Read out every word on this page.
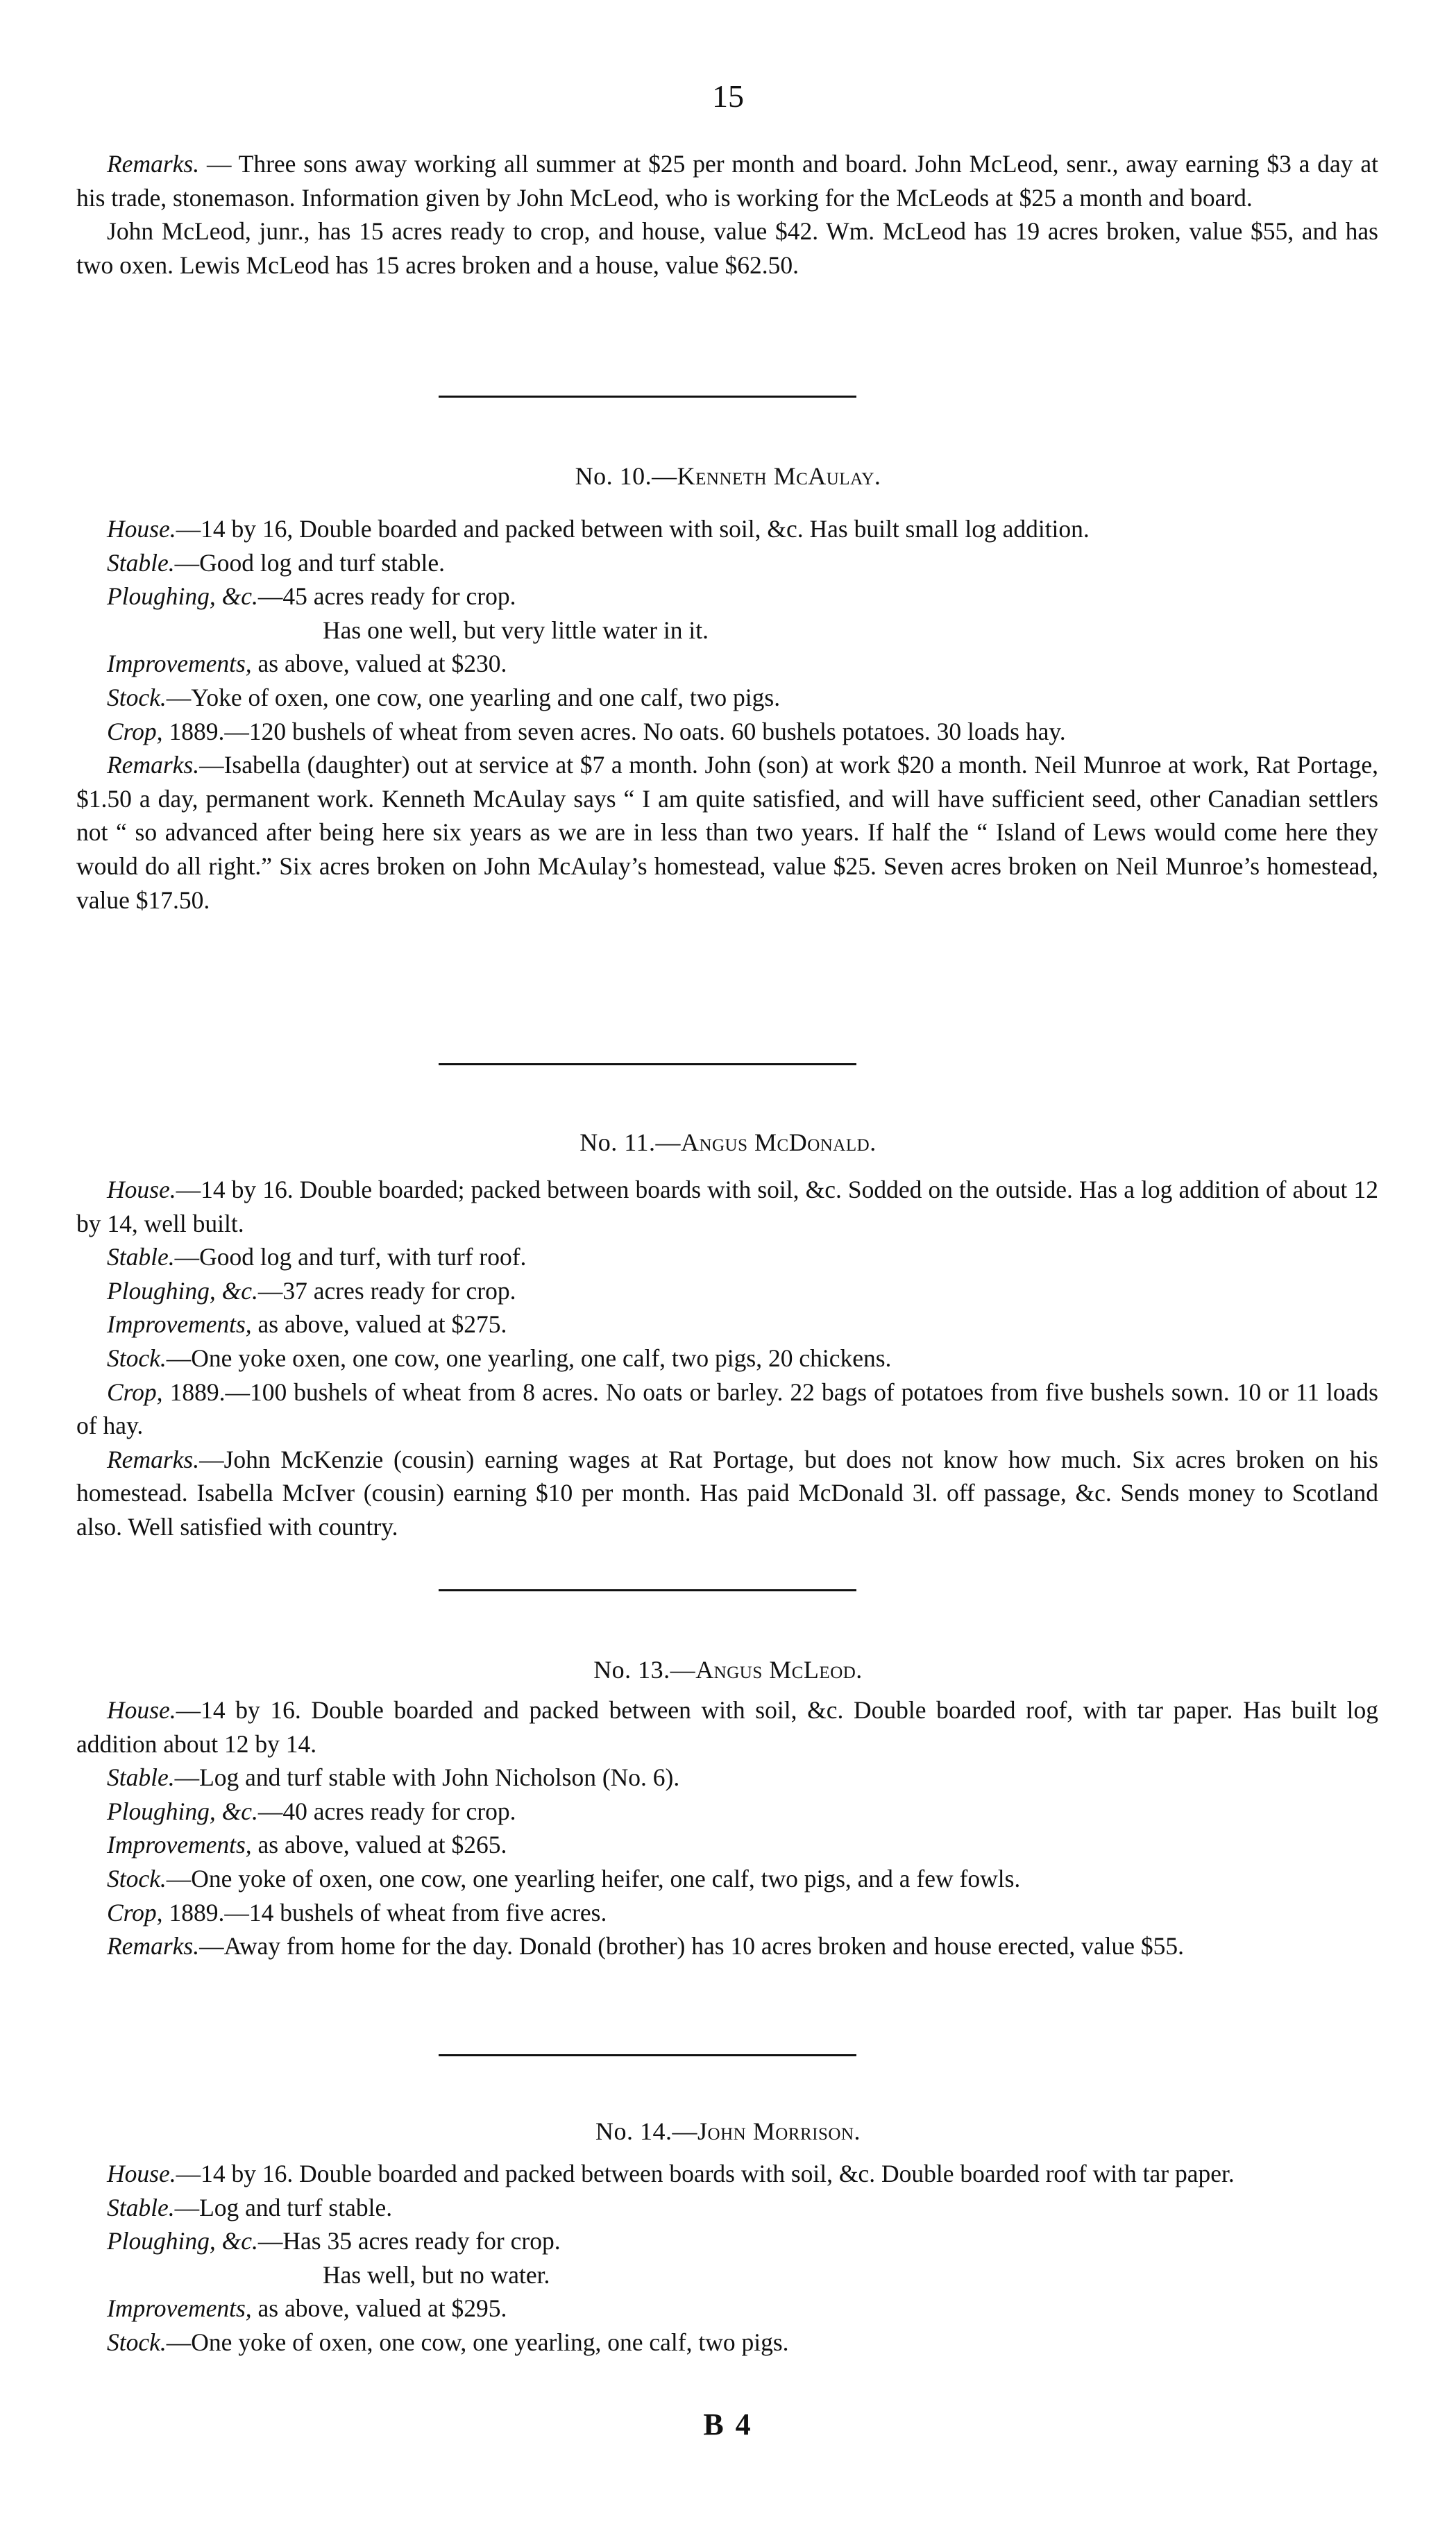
15

Remarks. — Three sons away working all summer at $25 per month and board. John McLeod, senr., away earning $3 a day at his trade, stonemason. Information given by John McLeod, who is working for the McLeods at $25 a month and board.

John McLeod, junr., has 15 acres ready to crop, and house, value $42. Wm. McLeod has 19 acres broken, value $55, and has two oxen. Lewis McLeod has 15 acres broken and a house, value $62.50.

No. 10.—Kenneth McAulay.

House.—14 by 16, Double boarded and packed between with soil, &c. Has built small log addition.

Stable.—Good log and turf stable.

Ploughing, &c.—45 acres ready for crop.

Has one well, but very little water in it.

Improvements, as above, valued at $230.

Stock.—Yoke of oxen, one cow, one yearling and one calf, two pigs.

Crop, 1889.—120 bushels of wheat from seven acres. No oats. 60 bushels potatoes. 30 loads hay.

Remarks.—Isabella (daughter) out at service at $7 a month. John (son) at work $20 a month. Neil Munroe at work, Rat Portage, $1.50 a day, permanent work. Kenneth McAulay says “ I am quite satisfied, and will have sufficient seed, other Canadian settlers not “ so advanced after being here six years as we are in less than two years. If half the “ Island of Lews would come here they would do all right.” Six acres broken on John McAulay’s homestead, value $25. Seven acres broken on Neil Munroe’s homestead, value $17.50.

No. 11.—Angus McDonald.

House.—14 by 16. Double boarded; packed between boards with soil, &c. Sodded on the outside. Has a log addition of about 12 by 14, well built.

Stable.—Good log and turf, with turf roof.

Ploughing, &c.—37 acres ready for crop.

Improvements, as above, valued at $275.

Stock.—One yoke oxen, one cow, one yearling, one calf, two pigs, 20 chickens.

Crop, 1889.—100 bushels of wheat from 8 acres. No oats or barley. 22 bags of potatoes from five bushels sown. 10 or 11 loads of hay.

Remarks.—John McKenzie (cousin) earning wages at Rat Portage, but does not know how much. Six acres broken on his homestead. Isabella McIver (cousin) earning $10 per month. Has paid McDonald 3l. off passage, &c. Sends money to Scotland also. Well satisfied with country.

No. 13.—Angus McLeod.

House.—14 by 16. Double boarded and packed between with soil, &c. Double boarded roof, with tar paper. Has built log addition about 12 by 14.

Stable.—Log and turf stable with John Nicholson (No. 6).

Ploughing, &c.—40 acres ready for crop.

Improvements, as above, valued at $265.

Stock.—One yoke of oxen, one cow, one yearling heifer, one calf, two pigs, and a few fowls.

Crop, 1889.—14 bushels of wheat from five acres.

Remarks.—Away from home for the day. Donald (brother) has 10 acres broken and house erected, value $55.

No. 14.—John Morrison.

House.—14 by 16. Double boarded and packed between boards with soil, &c. Double boarded roof with tar paper.

Stable.—Log and turf stable.

Ploughing, &c.—Has 35 acres ready for crop.

Has well, but no water.

Improvements, as above, valued at $295.

Stock.—One yoke of oxen, one cow, one yearling, one calf, two pigs.

B 4
